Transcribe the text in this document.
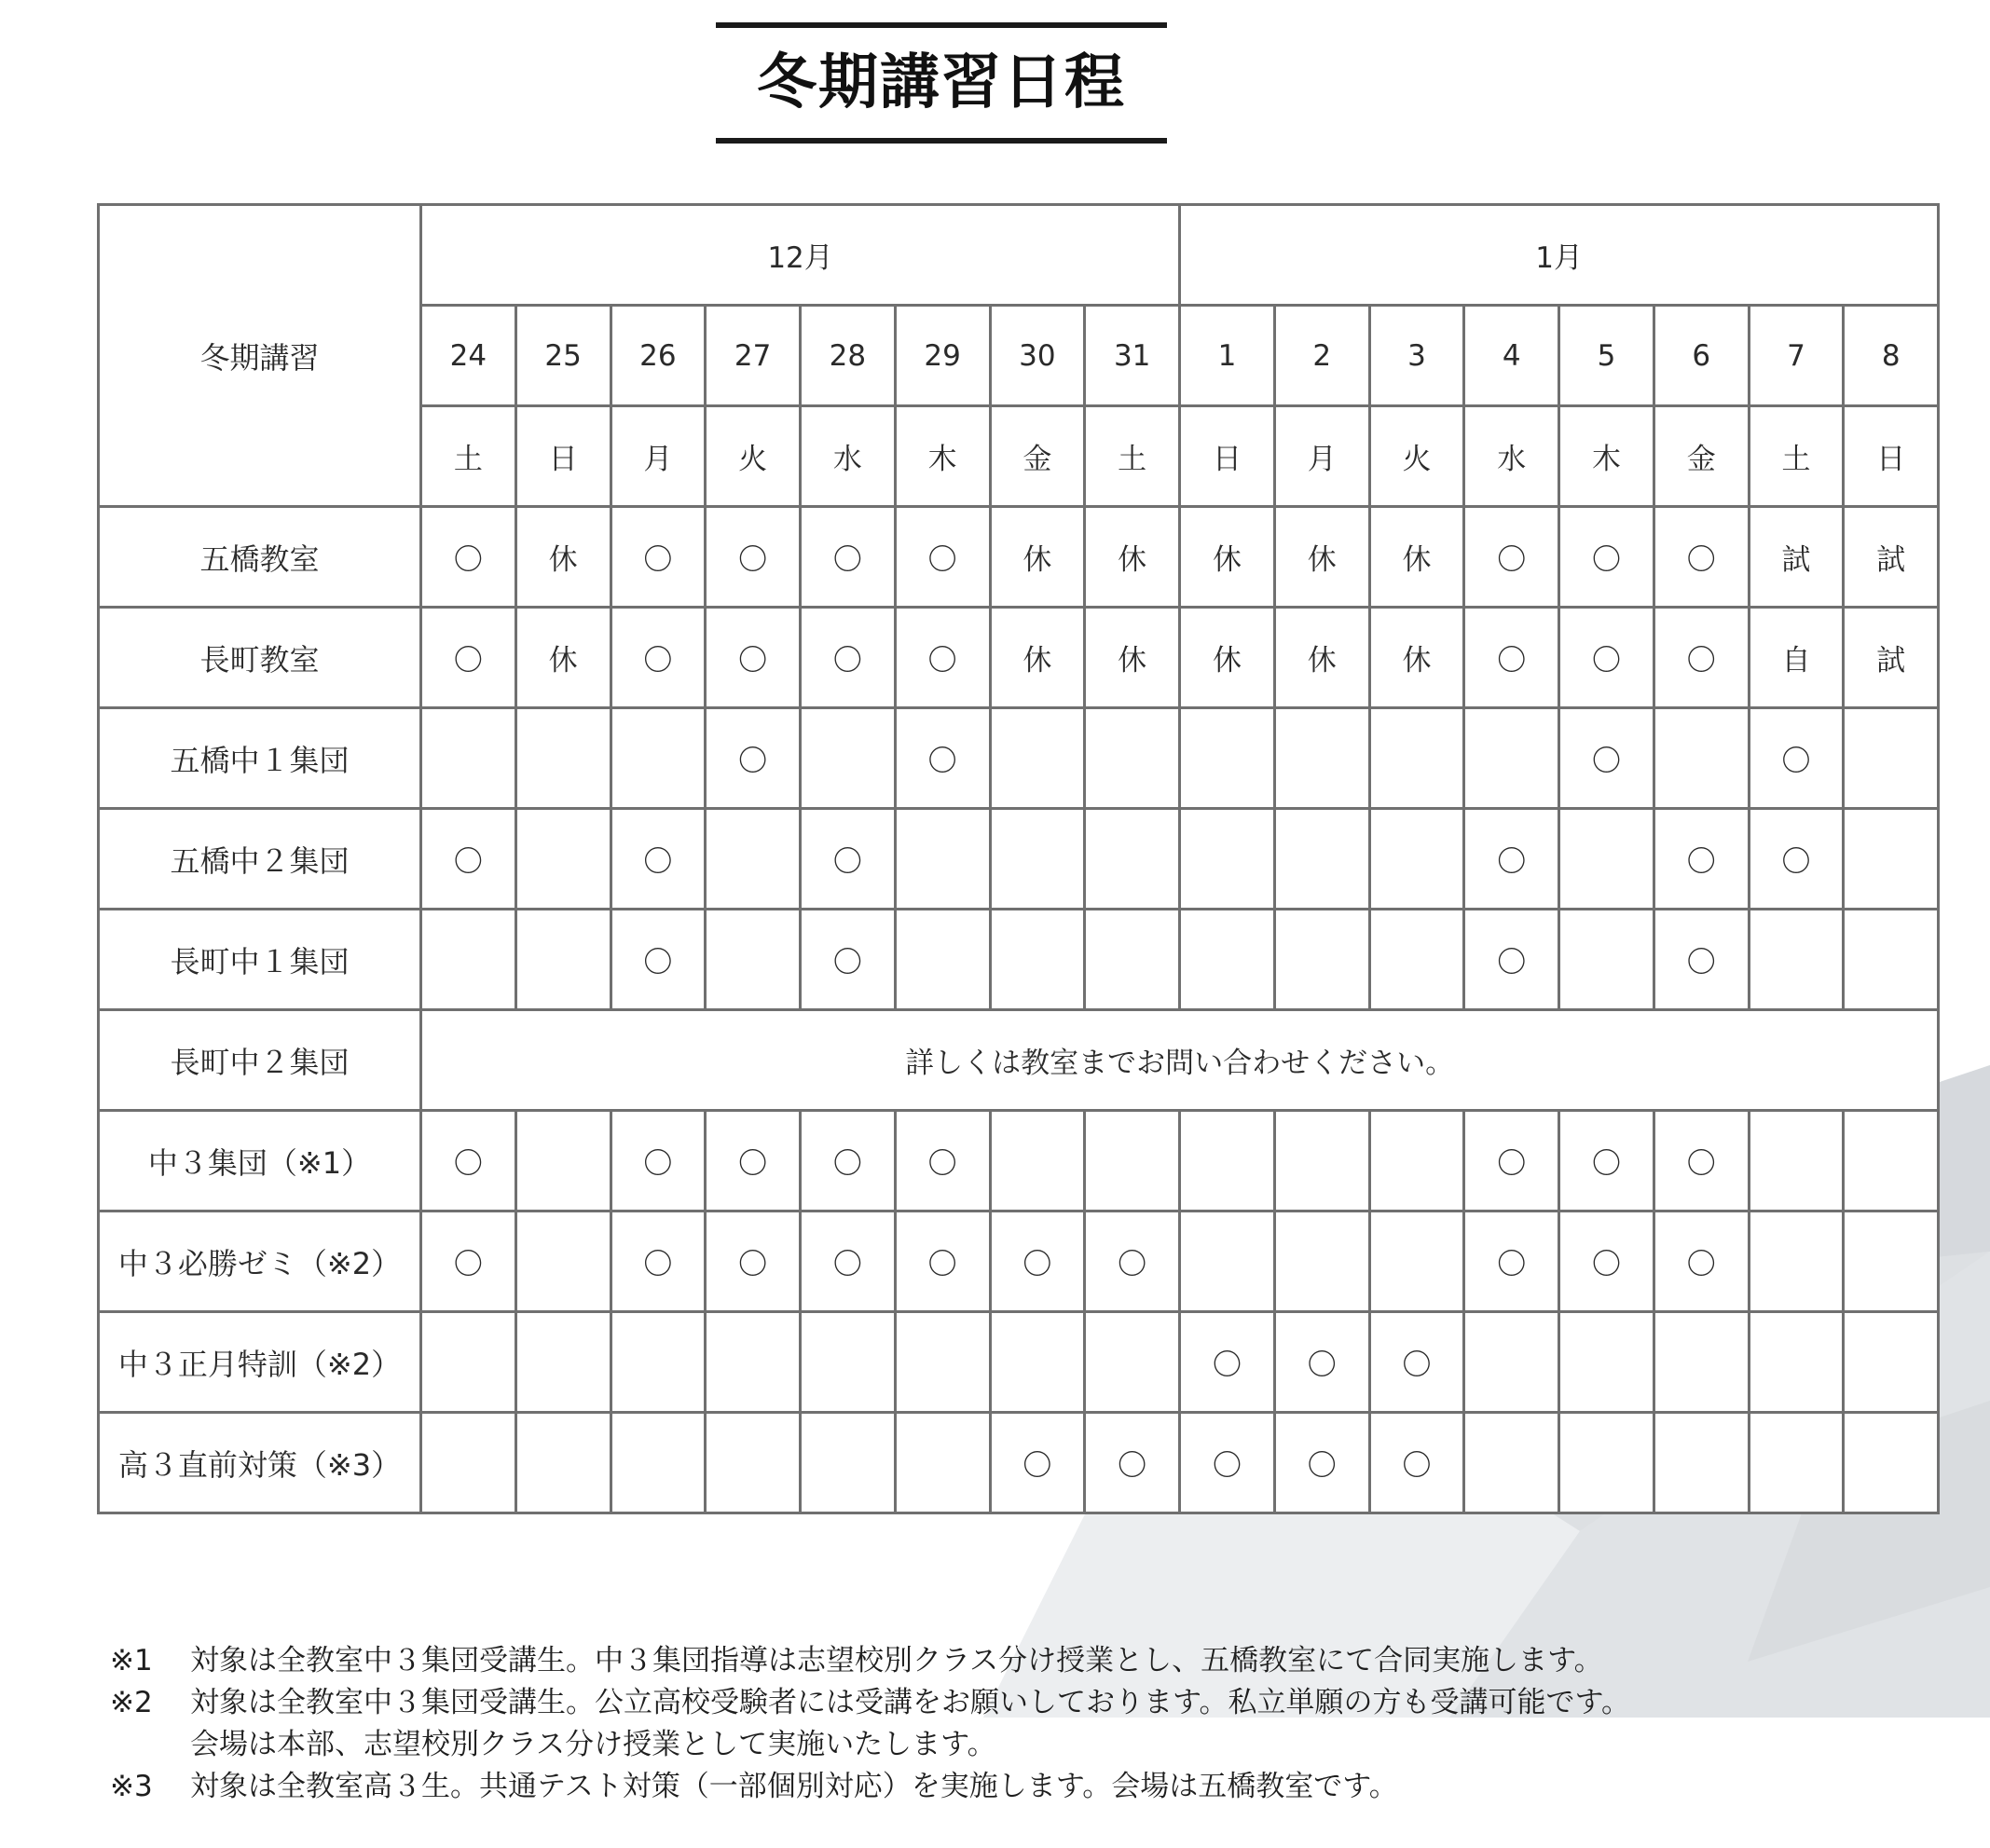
冬期講習日程
冬期講習	12月								1月							
	24	25	26	27	28	29	30	31	1	2	3	4	5	6	7	8
	土	日	月	火	水	木	金	土	日	月	火	水	木	金	土	日
五橋教室	〇	休	〇	〇	〇	〇	休	休	休	休	休	〇	〇	〇	試	試
長町教室	〇	休	〇	〇	〇	〇	休	休	休	休	休	〇	〇	〇	自	試
五橋中１集団				〇		〇							〇		〇	
五橋中２集団	〇		〇		〇							〇		〇	〇	
長町中１集団			〇		〇							〇		〇		
長町中２集団	詳しくは教室までお問い合わせください。															
中３集団（※1）	〇		〇	〇	〇	〇						〇	〇	〇		
中３必勝ゼミ（※2）	〇		〇	〇	〇	〇	〇	〇				〇	〇	〇		
中３正月特訓（※2）									〇	〇	〇					
高３直前対策（※3）							〇	〇	〇	〇	〇					
※1	対象は全教室中３集団受講生。中３集団指導は志望校別クラス分け授業とし、五橋教室にて合同実施します。
※2	対象は全教室中３集団受講生。公立高校受験者には受講をお願いしております。私立単願の方も受講可能です。
会場は本部、志望校別クラス分け授業として実施いたします。
※3	対象は全教室高３生。共通テスト対策（一部個別対応）を実施します。会場は五橋教室です。
